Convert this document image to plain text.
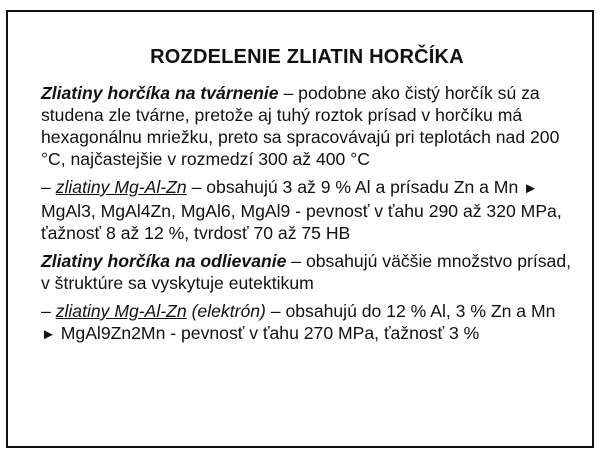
ROZDELENIE ZLIATIN HORČÍKA

Zliatiny horčíka na tvárnenie – podobne ako čistý horčík sú za studena zle tvárne, pretože aj tuhý roztok prísad v horčíku má hexagonálnu mriežku, preto sa spracovávajú pri teplotách nad 200 °C, najčastejšie v rozmedzí 300 až 400 °C

– zliatiny Mg-Al-Zn – obsahujú 3 až 9 % Al a prísadu Zn a Mn ► MgAl3, MgAl4Zn, MgAl6, MgAl9 - pevnosť v ťahu 290 až 320 MPa, ťažnosť 8 až 12 %, tvrdosť 70 až 75 HB

Zliatiny horčíka na odlievanie – obsahujú väčšie množstvo prísad, v štruktúre sa vyskytuje eutektikum

– zliatiny Mg-Al-Zn (elektrón) – obsahujú do 12 % Al, 3 % Zn a Mn ► MgAl9Zn2Mn - pevnosť v ťahu 270 MPa, ťažnosť 3 %
